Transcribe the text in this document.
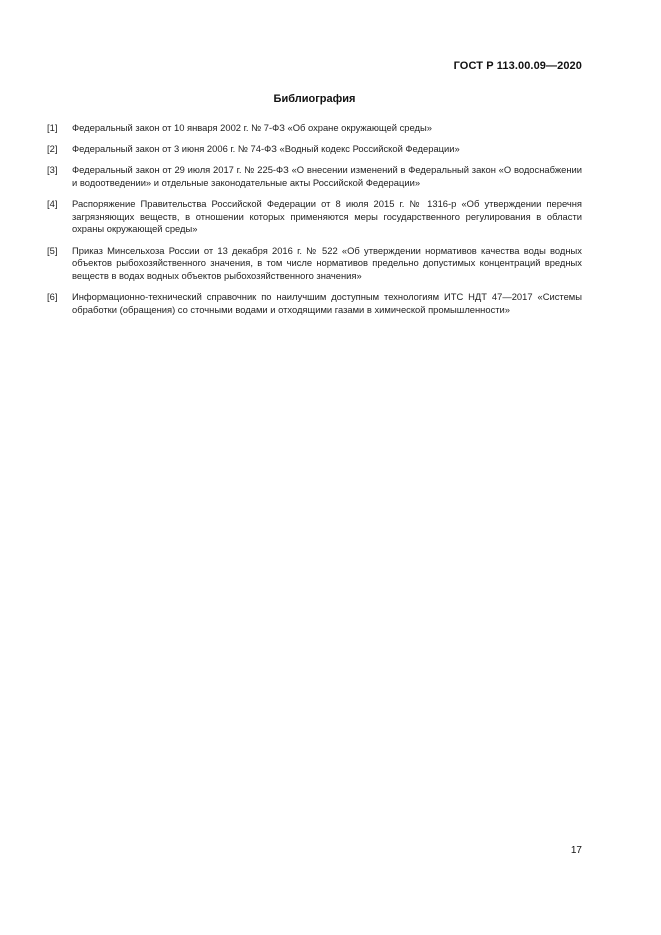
ГОСТ Р 113.00.09—2020
Библиография
[1]	Федеральный закон от 10 января 2002 г. № 7-ФЗ «Об охране окружающей среды»
[2]	Федеральный закон от 3 июня 2006 г. № 74-ФЗ «Водный кодекс Российской Федерации»
[3]	Федеральный закон от 29 июля 2017 г. № 225-ФЗ «О внесении изменений в Федеральный закон «О водоснабжении и водоотведении» и отдельные законодательные акты Российской Федерации»
[4]	Распоряжение Правительства Российской Федерации от 8 июля 2015 г. № 1316-р «Об утверждении перечня загрязняющих веществ, в отношении которых применяются меры государственного регулирования в области охраны окружающей среды»
[5]	Приказ Минсельхоза России от 13 декабря 2016 г. № 522 «Об утверждении нормативов качества воды водных объектов рыбохозяйственного значения, в том числе нормативов предельно допустимых концентраций вредных веществ в водах водных объектов рыбохозяйственного значения»
[6]	Информационно-технический справочник по наилучшим доступным технологиям ИТС НДТ 47—2017 «Системы обработки (обращения) со сточными водами и отходящими газами в химической промышленности»
17
